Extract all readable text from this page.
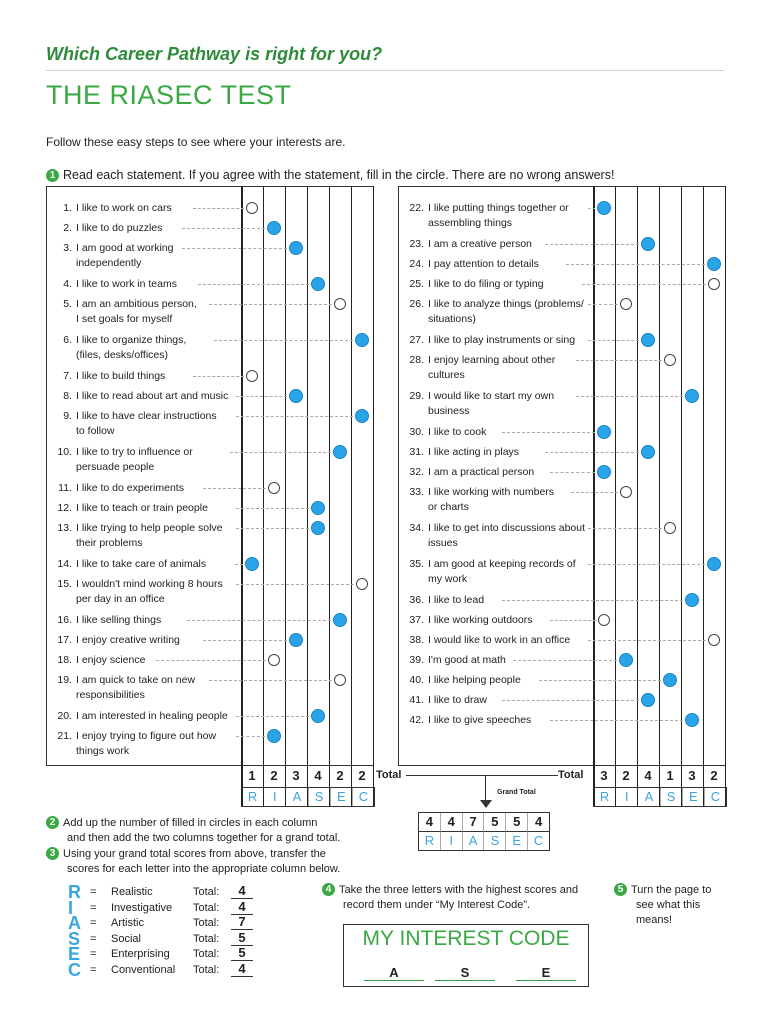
Which Career Pathway is right for you?
THE RIASEC TEST
Follow these easy steps to see where your interests are.
1 Read each statement. If you agree with the statement, fill in the circle. There are no wrong answers!
1	2	3	4	2	2
R	I	A	S	E	C
3	2	4	1	3	2
R	I	A	S	E	C
Total	Total
Grand Total
4	4	7	5	5	4
R	I	A	S	E C
2 Add up the number of filled in circles in each column
and then add the two columns together for a grand total.
3 Using your grand total scores from above, transfer the
scores for each letter into the appropriate column below.
R = Realistic	Total:	4
I = Investigative Total:	4
A = Artistic	Total:	7
S = Social	Total:	5
E = Enterprising Total:	5
C = Conventional Total:	4
4 Take the three letters with the highest scores and
record them under “My Interest Code”.
5 Turn the page to
see what this
means!
MY INTEREST CODE
A	S	E
1. I like to work on cars
2. I like to do puzzles
3. I am good at working
independently
4. I like to work in teams
5. I am an ambitious person,
I set goals for myself
6. I like to organize things,
(files, desks/offices)
7. I like to build things
8. I like to read about art and music
9. I like to have clear instructions
to follow
10. I like to try to influence or
persuade people
11. I like to do experiments
12. I like to teach or train people
13. I like trying to help people solve
their problems
14. I like to take care of animals
15. I wouldn't mind working 8 hours
per day in an office
16. I like selling things
17. I enjoy creative writing
18. I enjoy science
19. I am quick to take on new
responsibilities
20. I am interested in healing people
21. I enjoy trying to figure out how
things work
22. I like putting things together or
assembling things
23. I am a creative person
24. I pay attention to details
25. I like to do filing or typing
26. I like to analyze things (problems/
situations)
27. I like to play instruments or sing
28. I enjoy learning about other
cultures
29. I would like to start my own
business
30. I like to cook
31. I like acting in plays
32. I am a practical person
33. I like working with numbers
or charts
34. I like to get into discussions about
issues
35. I am good at keeping records of
my work
36. I like to lead
37. I like working outdoors
38. I would like to work in an office
39. I'm good at math
40. I like helping people
41. I like to draw
42. I like to give speeches
